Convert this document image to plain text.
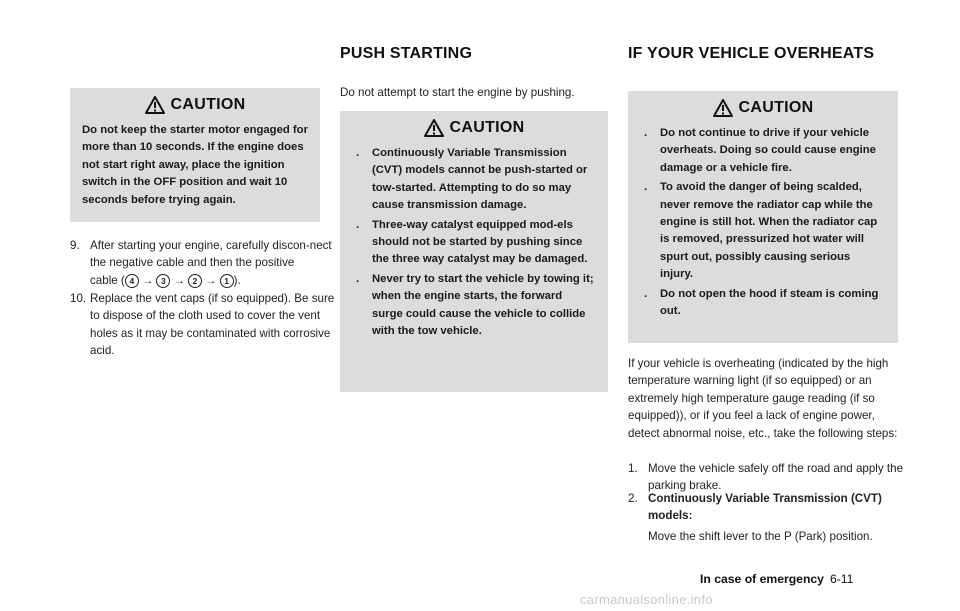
CAUTION

Do not keep the starter motor engaged for more than 10 seconds. If the engine does not start right away, place the ignition switch in the OFF position and wait 10 seconds before trying again.

9. After starting your engine, carefully discon-nect the negative cable and then the positive
cable ( 4 → 3 → 2 → 1 ).
10. Replace the vent caps (if so equipped). Be sure to dispose of the cloth used to cover the vent holes as it may be contaminated with corrosive acid.
PUSH STARTING

Do not attempt to start the engine by pushing.

CAUTION
. Continuously Variable Transmission (CVT) models cannot be push-started or tow-started. Attempting to do so may cause transmission damage.
. Three-way catalyst equipped mod-els should not be started by pushing since the three way catalyst may be damaged.
. Never try to start the vehicle by towing it; when the engine starts, the forward surge could cause the vehicle to collide with the tow vehicle.
IF YOUR VEHICLE OVERHEATS
CAUTION
. Do not continue to drive if your vehicle overheats. Doing so could cause engine damage or a vehicle fire.
. To avoid the danger of being scalded, never remove the radiator cap while the engine is still hot. When the radiator cap is removed, pressurized hot water will spurt out, possibly causing serious injury.
. Do not open the hood if steam is coming out.

If your vehicle is overheating (indicated by the high temperature warning light (if so equipped) or an extremely high temperature gauge reading (if so equipped)), or if you feel a lack of engine power, detect abnormal noise, etc., take the following steps:

1. Move the vehicle safely off the road and apply the parking brake.
2. Continuously Variable Transmission (CVT) models:

Move the shift lever to the P (Park) position.

In case of emergency 6-11
carmanualsonline.info
